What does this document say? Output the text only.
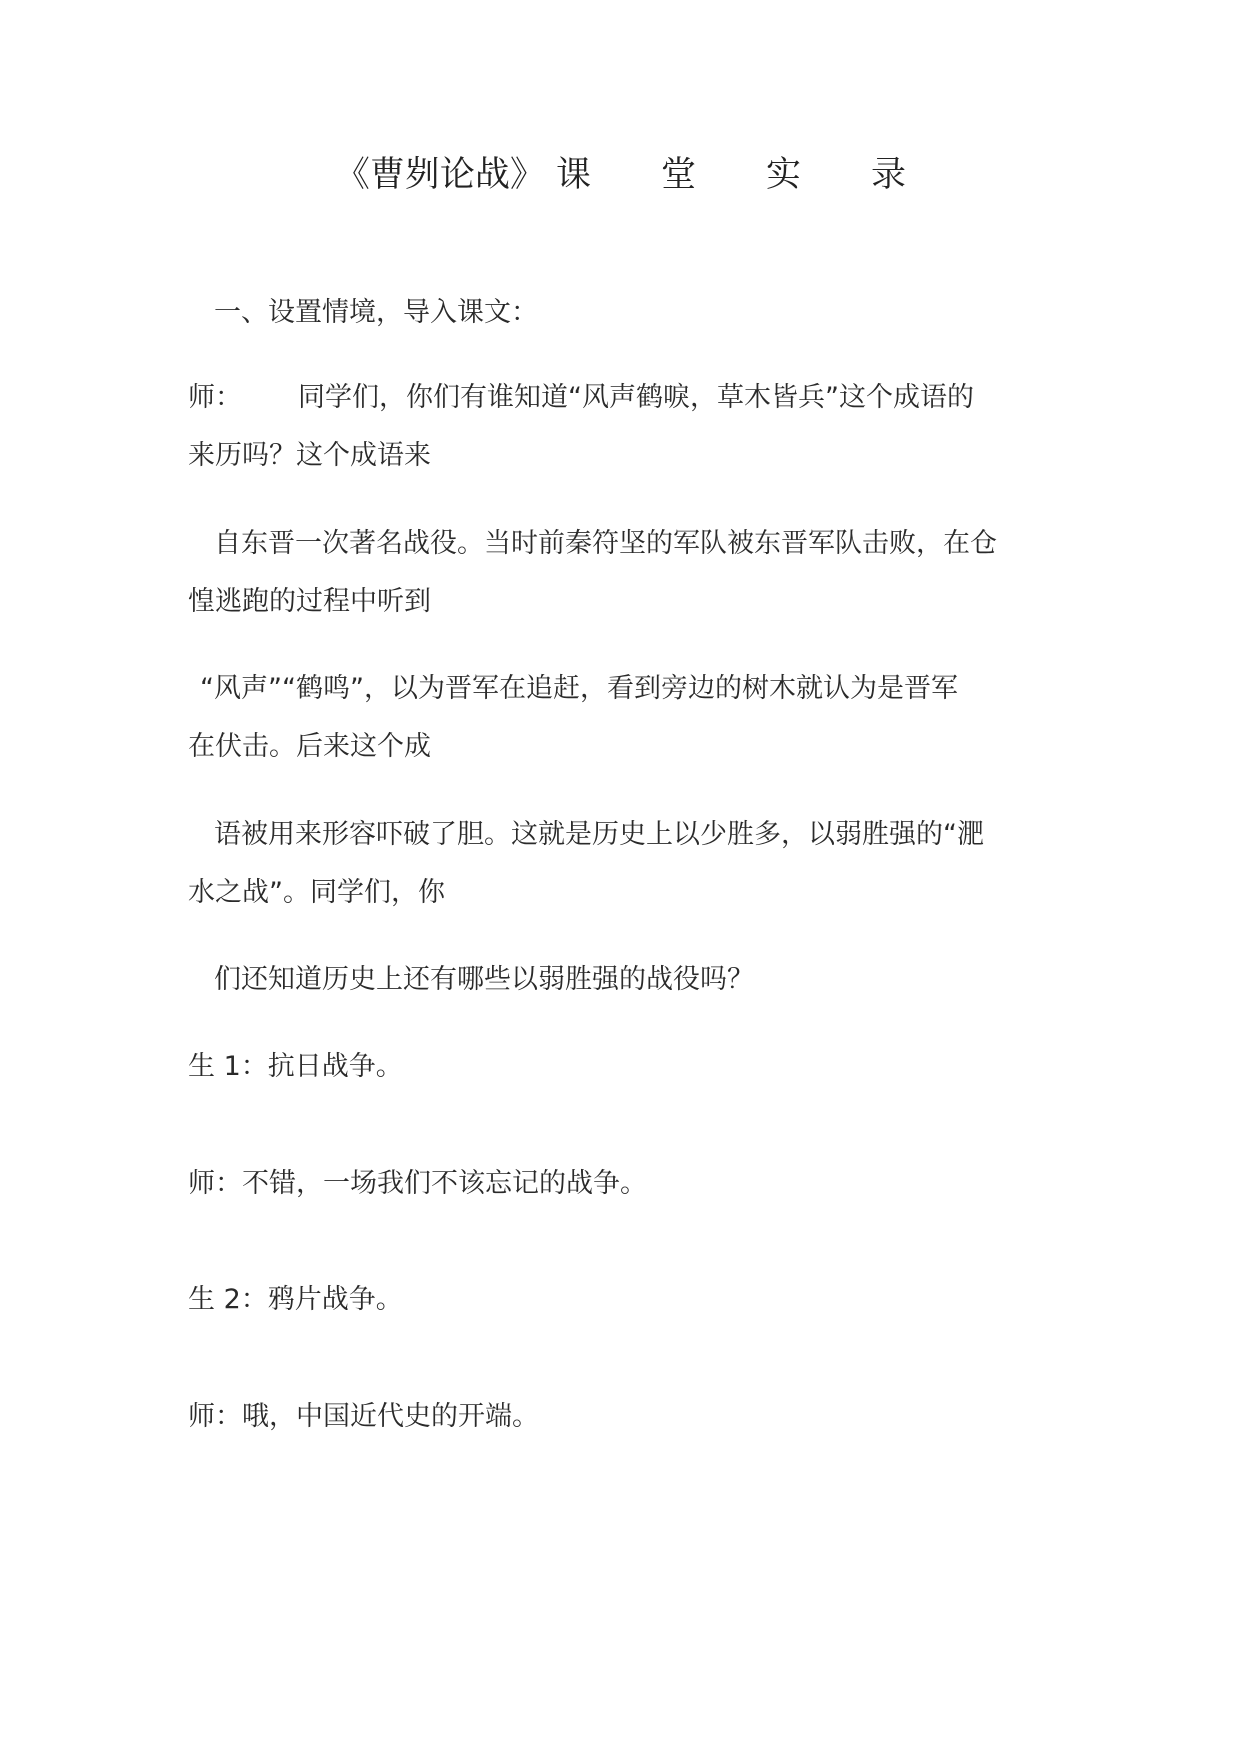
《曹刿论战》 课　　堂　　实　　录
一、设置情境，导入课文：
师： 同学们，你们有谁知道“风声鹤唳，草木皆兵”这个成语的
来历吗？这个成语来
自东晋一次著名战役。当时前秦符坚的军队被东晋军队击败，在仓
惶逃跑的过程中听到
“风声”“鹤鸣”，以为晋军在追赶，看到旁边的树木就认为是晋军
在伏击。后来这个成
语被用来形容吓破了胆。这就是历史上以少胜多，以弱胜强的“淝
水之战”。同学们，你
们还知道历史上还有哪些以弱胜强的战役吗？
生 1：抗日战争。
师：不错，一场我们不该忘记的战争。
生 2：鸦片战争。
师：哦，中国近代史的开端。
